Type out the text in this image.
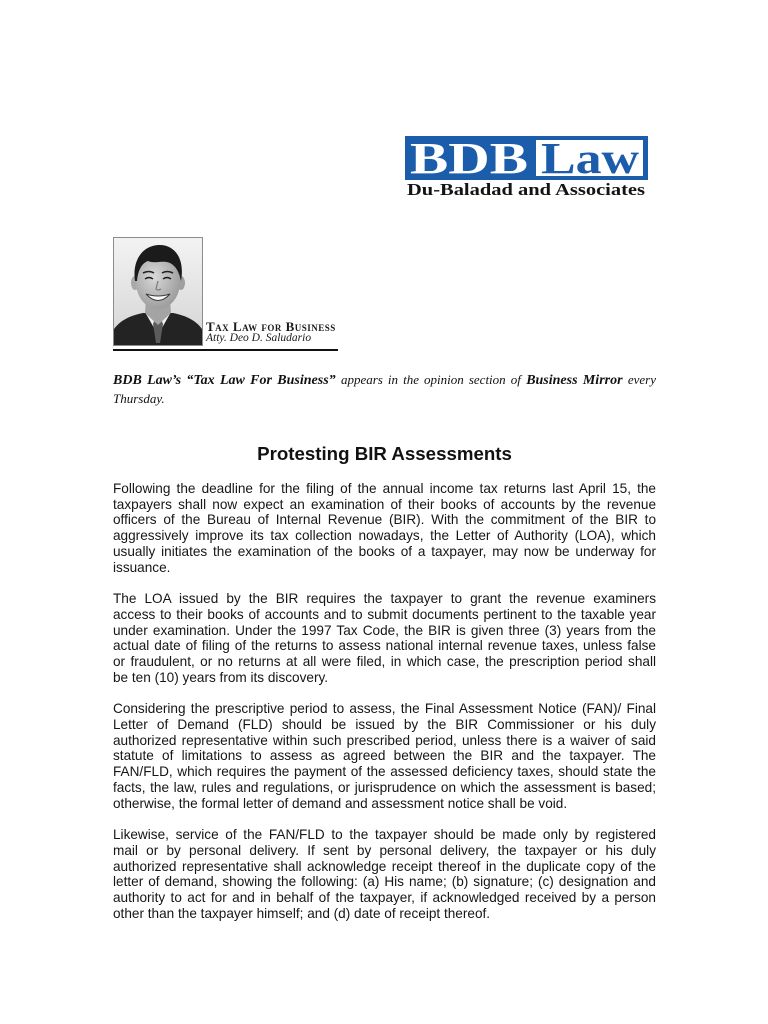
BDB Law
Du-Baladad and Associates
Tax Law for Business
Atty. Deo D. Saludario
BDB Law’s “Tax Law For Business” appears in the opinion section of Business Mirror every Thursday.
Protesting BIR Assessments
Following the deadline for the filing of the annual income tax returns last April 15, the
taxpayers shall now expect an examination of their books of accounts by the revenue
officers of the Bureau of Internal Revenue (BIR). With the commitment of the BIR to
aggressively improve its tax collection nowadays, the Letter of Authority (LOA), which
usually initiates the examination of the books of a taxpayer, may now be underway for
issuance.
The LOA issued by the BIR requires the taxpayer to grant the revenue examiners
access to their books of accounts and to submit documents pertinent to the taxable year
under examination. Under the 1997 Tax Code, the BIR is given three (3) years from the
actual date of filing of the returns to assess national internal revenue taxes, unless false
or fraudulent, or no returns at all were filed, in which case, the prescription period shall
be ten (10) years from its discovery.
Considering the prescriptive period to assess, the Final Assessment Notice (FAN)/ Final
Letter of Demand (FLD) should be issued by the BIR Commissioner or his duly
authorized representative within such prescribed period, unless there is a waiver of said
statute of limitations to assess as agreed between the BIR and the taxpayer. The
FAN/FLD, which requires the payment of the assessed deficiency taxes, should state the
facts, the law, rules and regulations, or jurisprudence on which the assessment is based;
otherwise, the formal letter of demand and assessment notice shall be void.
Likewise, service of the FAN/FLD to the taxpayer should be made only by registered
mail or by personal delivery. If sent by personal delivery, the taxpayer or his duly
authorized representative shall acknowledge receipt thereof in the duplicate copy of the
letter of demand, showing the following: (a) His name; (b) signature; (c) designation and
authority to act for and in behalf of the taxpayer, if acknowledged received by a person
other than the taxpayer himself; and (d) date of receipt thereof.
